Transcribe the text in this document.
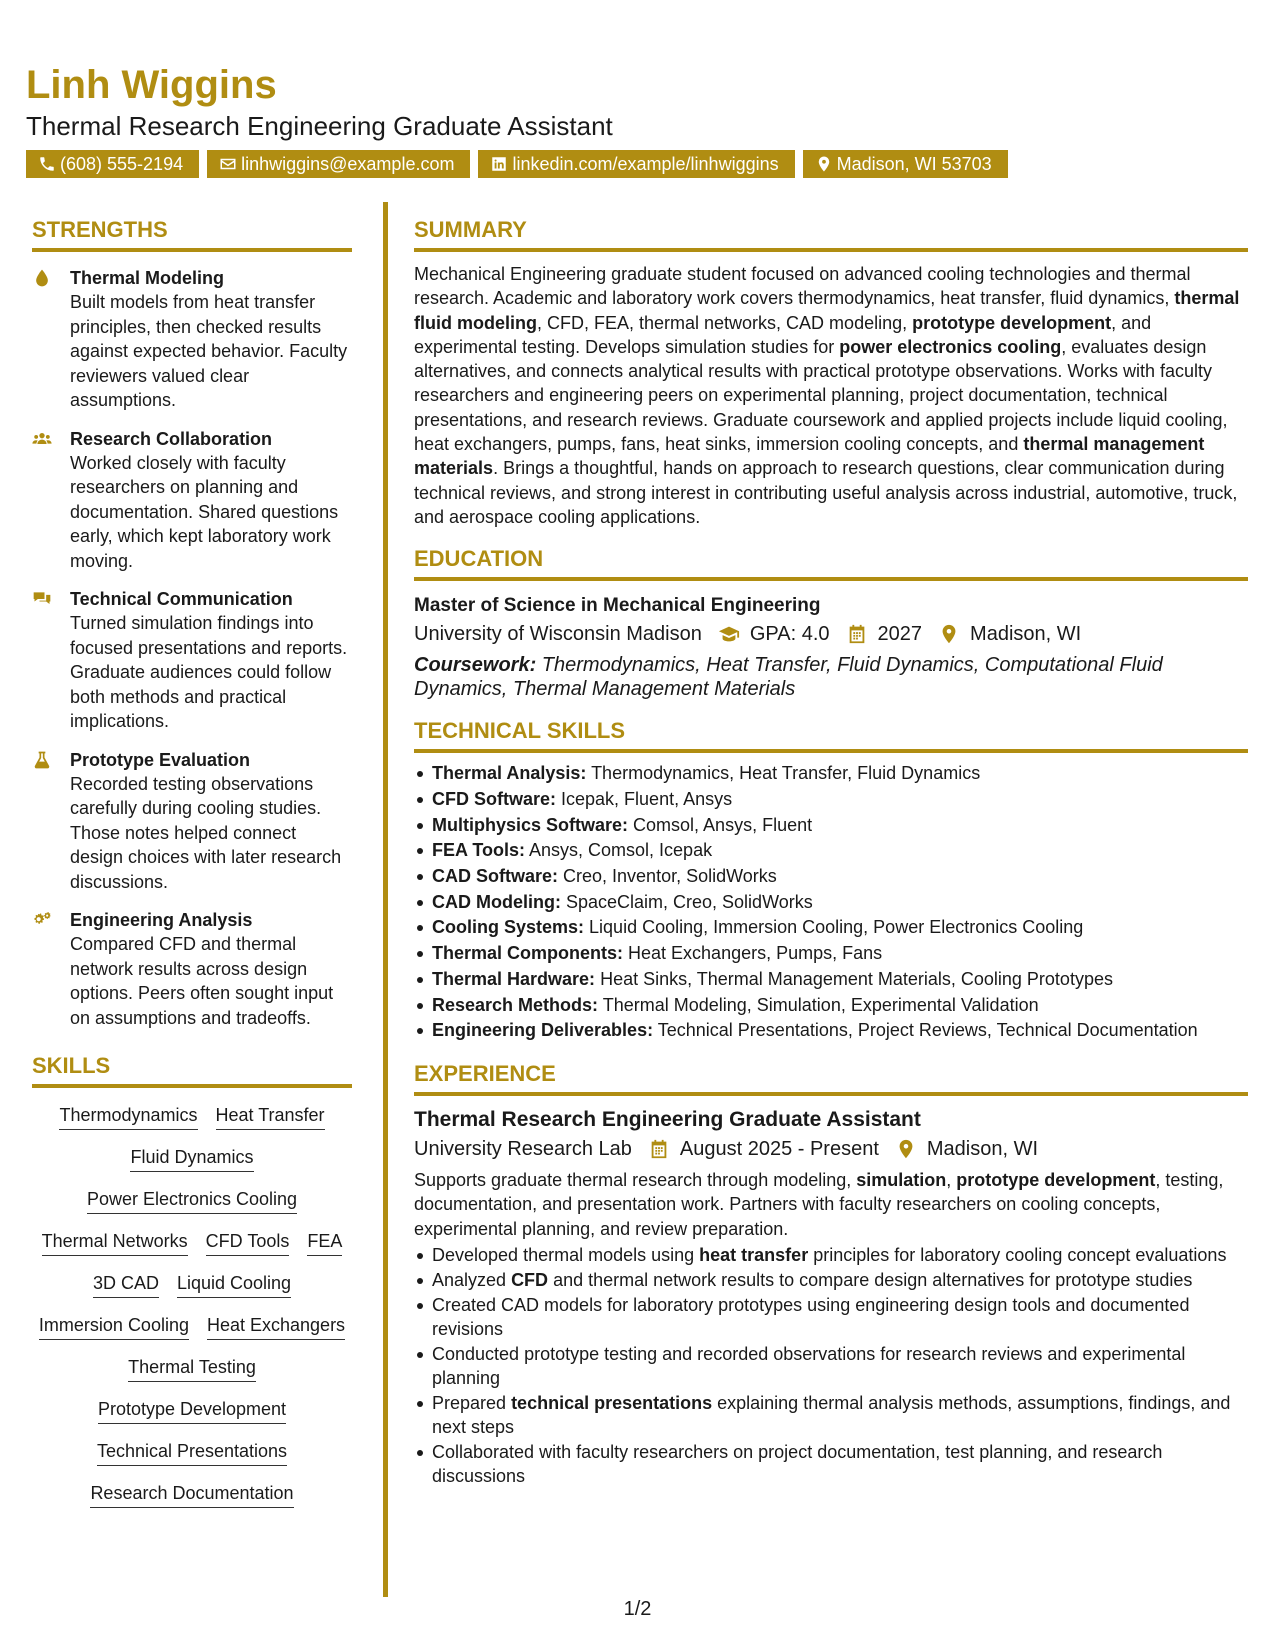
Linh Wiggins
Thermal Research Engineering Graduate Assistant
(608) 555-2194	linhwiggins@example.com	linkedin.com/example/linhwiggins	Madison, WI 53703
STRENGTHS
Thermal Modeling
Built models from heat transfer principles, then checked results against expected behavior. Faculty reviewers valued clear assumptions.
Research Collaboration
Worked closely with faculty researchers on planning and documentation. Shared questions early, which kept laboratory work moving.
Technical Communication
Turned simulation findings into focused presentations and reports. Graduate audiences could follow both methods and practical implications.
Prototype Evaluation
Recorded testing observations carefully during cooling studies. Those notes helped connect design choices with later research discussions.
Engineering Analysis
Compared CFD and thermal network results across design options. Peers often sought input on assumptions and tradeoffs.
SKILLS
Thermodynamics Heat Transfer
Fluid Dynamics
Power Electronics Cooling
Thermal Networks CFD Tools FEA
3D CAD Liquid Cooling
Immersion Cooling Heat Exchangers
Thermal Testing
Prototype Development
Technical Presentations
Research Documentation
SUMMARY
Mechanical Engineering graduate student focused on advanced cooling technologies and thermal research. Academic and laboratory work covers thermodynamics, heat transfer, fluid dynamics, thermal fluid modeling, CFD, FEA, thermal networks, CAD modeling, prototype development, and experimental testing. Develops simulation studies for power electronics cooling, evaluates design alternatives, and connects analytical results with practical prototype observations. Works with faculty researchers and engineering peers on experimental planning, project documentation, technical presentations, and research reviews. Graduate coursework and applied projects include liquid cooling, heat exchangers, pumps, fans, heat sinks, immersion cooling concepts, and thermal management materials. Brings a thoughtful, hands on approach to research questions, clear communication during technical reviews, and strong interest in contributing useful analysis across industrial, automotive, truck, and aerospace cooling applications.
EDUCATION
Master of Science in Mechanical Engineering
University of Wisconsin Madison GPA: 4.0 2027 Madison, WI
Coursework: Thermodynamics, Heat Transfer, Fluid Dynamics, Computational Fluid Dynamics, Thermal Management Materials
TECHNICAL SKILLS
Thermal Analysis: Thermodynamics, Heat Transfer, Fluid Dynamics
CFD Software: Icepak, Fluent, Ansys
Multiphysics Software: Comsol, Ansys, Fluent
FEA Tools: Ansys, Comsol, Icepak
CAD Software: Creo, Inventor, SolidWorks
CAD Modeling: SpaceClaim, Creo, SolidWorks
Cooling Systems: Liquid Cooling, Immersion Cooling, Power Electronics Cooling
Thermal Components: Heat Exchangers, Pumps, Fans
Thermal Hardware: Heat Sinks, Thermal Management Materials, Cooling Prototypes
Research Methods: Thermal Modeling, Simulation, Experimental Validation
Engineering Deliverables: Technical Presentations, Project Reviews, Technical Documentation
EXPERIENCE
Thermal Research Engineering Graduate Assistant
University Research Lab August 2025 - Present Madison, WI
Supports graduate thermal research through modeling, simulation, prototype development, testing, documentation, and presentation work. Partners with faculty researchers on cooling concepts, experimental planning, and review preparation.
Developed thermal models using heat transfer principles for laboratory cooling concept evaluations
Analyzed CFD and thermal network results to compare design alternatives for prototype studies
Created CAD models for laboratory prototypes using engineering design tools and documented revisions
Conducted prototype testing and recorded observations for research reviews and experimental planning
Prepared technical presentations explaining thermal analysis methods, assumptions, findings, and next steps
Collaborated with faculty researchers on project documentation, test planning, and research discussions
1/2
